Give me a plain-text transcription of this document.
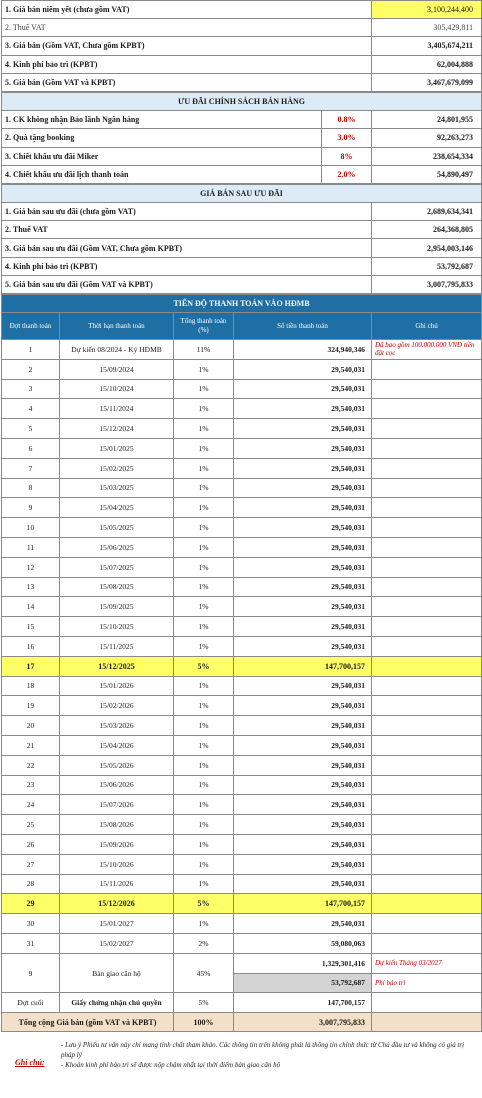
1. Giá bán niêm yết (chưa gồm VAT)	3,100,244,400
2. Thuế VAT	305,429,811
3. Giá bán (Gồm VAT, Chưa gồm KPBT)	3,405,674,211
4. Kinh phí bảo trì (KPBT)	62,004,888
5. Giá bán (Gồm VAT và KPBT)	3,467,679,099
ƯU ĐÃI CHÍNH SÁCH BÁN HÀNG		
1. CK không nhận Bảo lãnh Ngân hàng	0.8%	24,801,955
2. Quà tặng booking	3.0%	92,263,273
3. Chiết khấu ưu đãi Miker	8%	238,654,334
4. Chiết khấu ưu đãi lịch thanh toán	2.0%	54,890,497
GIÁ BÁN SAU ƯU ĐÃI	
1. Giá bán sau ưu đãi (chưa gồm VAT)	2,689,634,341
2. Thuế VAT	264,368,805
3. Giá bán sau ưu đãi (Gồm VAT, Chưa gồm KPBT)	2,954,003,146
4. Kinh phí bảo trì (KPBT)	53,792,687
5. Giá bán sau ưu đãi (Gồm VAT và KPBT)	3,007,795,833
TIẾN ĐỘ THANH TOÁN VÀO HĐMB				
Đợt thanh toán	Thời hạn thanh toán	Tổng thanh toán (%)	Số tiền thanh toán	Ghi chú
1	Dự kiến 08/2024 - Ký HĐMB	11%	324,940,346	Đã bao gồm 100.000.000 VNĐ tiền đặt cọc
2	15/09/2024	1%	29,540,031	
3	15/10/2024	1%	29,540,031	
4	15/11/2024	1%	29,540,031	
5	15/12/2024	1%	29,540,031	
6	15/01/2025	1%	29,540,031	
7	15/02/2025	1%	29,540,031	
8	15/03/2025	1%	29,540,031	
9	15/04/2025	1%	29,540,031	
10	15/05/2025	1%	29,540,031	
11	15/06/2025	1%	29,540,031	
12	15/07/2025	1%	29,540,031	
13	15/08/2025	1%	29,540,031	
14	15/09/2025	1%	29,540,031	
15	15/10/2025	1%	29,540,031	
16	15/11/2025	1%	29,540,031	
17	15/12/2025	5%	147,700,157	
18	15/01/2026	1%	29,540,031	
19	15/02/2026	1%	29,540,031	
20	15/03/2026	1%	29,540,031	
21	15/04/2026	1%	29,540,031	
22	15/05/2026	1%	29,540,031	
23	15/06/2026	1%	29,540,031	
24	15/07/2026	1%	29,540,031	
25	15/08/2026	1%	29,540,031	
26	15/09/2026	1%	29,540,031	
27	15/10/2026	1%	29,540,031	
28	15/11/2026	1%	29,540,031	
29	15/12/2026	5%	147,700,157	
30	15/01/2027	1%	29,540,031	
31	15/02/2027	2%	59,080,063	
9	Bàn giao căn hộ	45%	1,329,301,416	Dự kiến Tháng 03/2027
			53,792,687	Phí bảo trì
Đợt cuối	Giấy chứng nhận chủ quyền	5%	147,700,157	
Tổng cộng Giá bán (gồm VAT và KPBT)		100%	3,007,795,833	
Ghi chú:
- Lưu ý Phiếu tư vấn này chỉ mang tính chất tham khảo. Các thông tin trên không phát là thông tin chính thức từ Chủ đầu tư và không có giá trị pháp lý
- Khoản kinh phí bảo trì sẽ được nộp chậm nhất tại thời điểm bàn giao căn hộ
